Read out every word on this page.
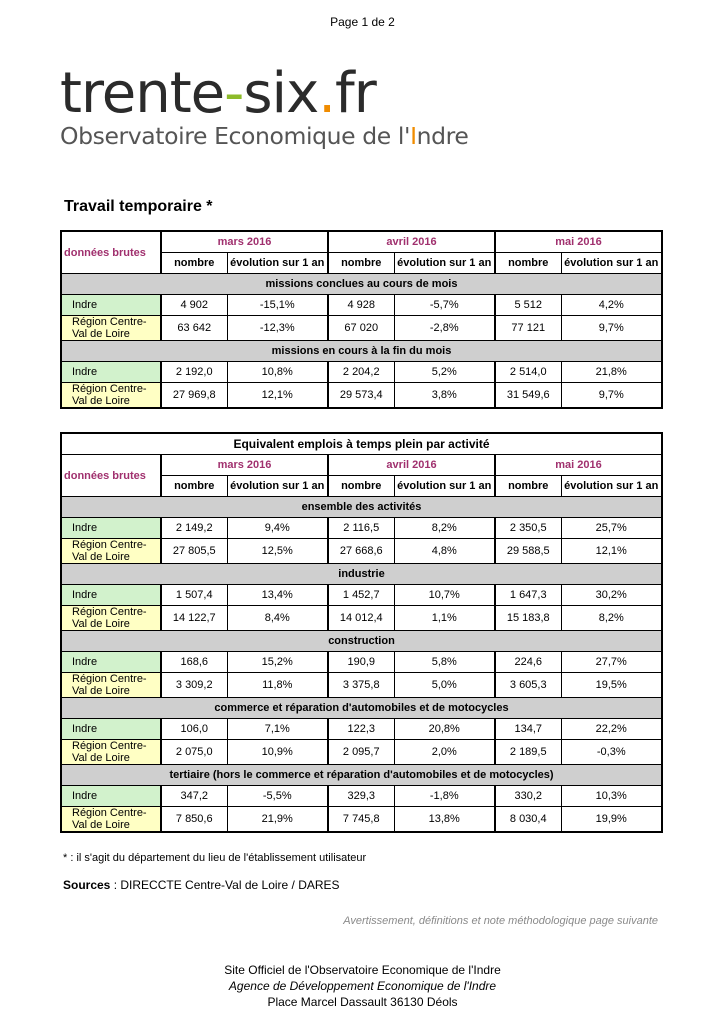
Page 1 de 2
trente-six.fr
Observatoire Economique de l'Indre
Travail temporaire *
données brutes	mars 2016		avril 2016		mai 2016	
	nombre	évolution sur 1 an	nombre	évolution sur 1 an	nombre	évolution sur 1 an
missions conclues au cours de mois						
Indre	4 902	-15,1%	4 928	-5,7%	5 512	4,2%
Région Centre-Val de Loire	63 642	-12,3%	67 020	-2,8%	77 121	9,7%
missions en cours à la fin du mois						
Indre	2 192,0	10,8%	2 204,2	5,2%	2 514,0	21,8%
Région Centre-Val de Loire	27 969,8	12,1%	29 573,4	3,8%	31 549,6	9,7%
Equivalent emplois à temps plein par activité						
données brutes	mars 2016		avril 2016		mai 2016	
	nombre	évolution sur 1 an	nombre	évolution sur 1 an	nombre	évolution sur 1 an
ensemble des activités						
Indre	2 149,2	9,4%	2 116,5	8,2%	2 350,5	25,7%
Région Centre-Val de Loire	27 805,5	12,5%	27 668,6	4,8%	29 588,5	12,1%
industrie						
Indre	1 507,4	13,4%	1 452,7	10,7%	1 647,3	30,2%
Région Centre-Val de Loire	14 122,7	8,4%	14 012,4	1,1%	15 183,8	8,2%
construction						
Indre	168,6	15,2%	190,9	5,8%	224,6	27,7%
Région Centre-Val de Loire	3 309,2	11,8%	3 375,8	5,0%	3 605,3	19,5%
commerce et réparation d'automobiles et de motocycles						
Indre	106,0	7,1%	122,3	20,8%	134,7	22,2%
Région Centre-Val de Loire	2 075,0	10,9%	2 095,7	2,0%	2 189,5	-0,3%
tertiaire (hors le commerce et réparation d'automobiles et de motocycles)						
Indre	347,2	-5,5%	329,3	-1,8%	330,2	10,3%
Région Centre-Val de Loire	7 850,6	21,9%	7 745,8	13,8%	8 030,4	19,9%
* : il s'agit du département du lieu de l'établissement utilisateur
Sources : DIRECCTE Centre-Val de Loire / DARES
Avertissement, définitions et note méthodologique page suivante
Site Officiel de l'Observatoire Economique de l'Indre
Agence de Développement Economique de l'Indre
Place Marcel Dassault 36130 Déols
